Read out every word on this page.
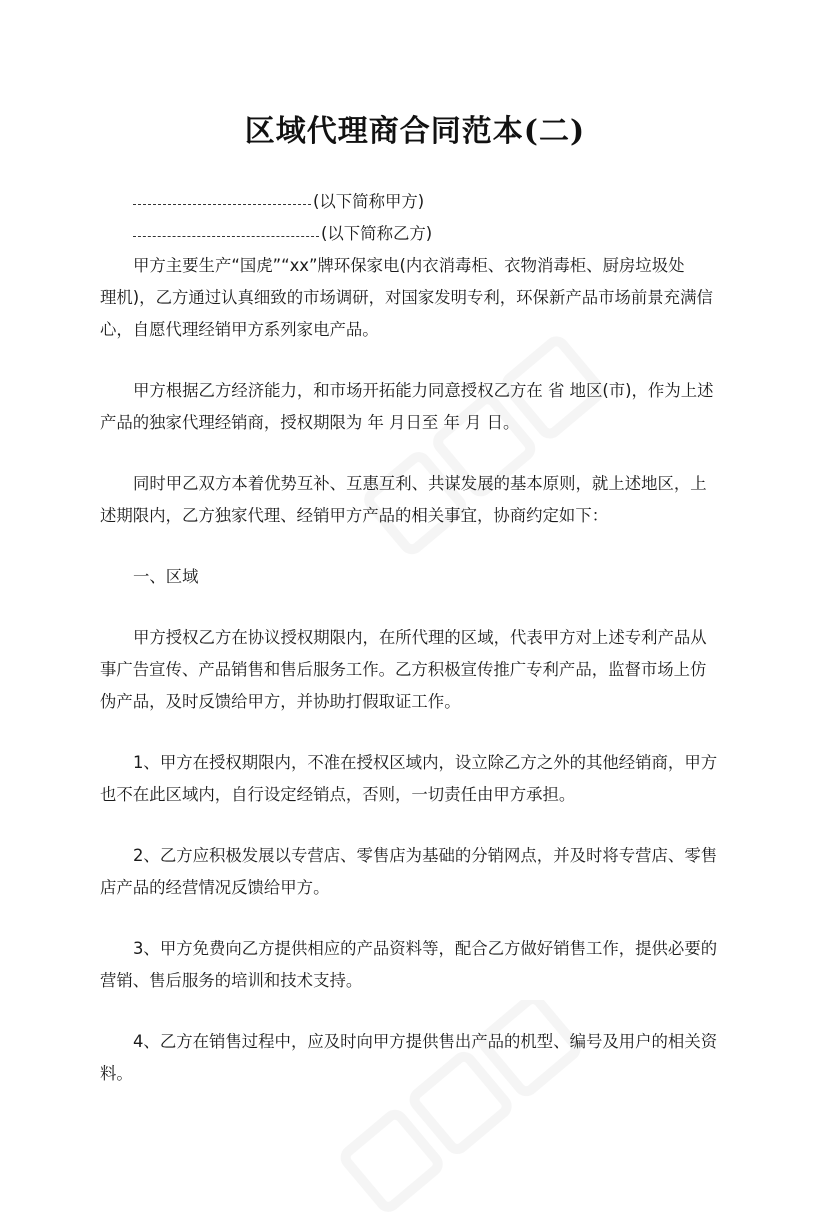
区域代理商合同范本(二)
(以下简称甲方)
(以下简称乙方)
甲方主要生产“国虎”“xx”牌环保家电(内衣消毒柜、衣物消毒柜、厨房垃圾处
理机)，乙方通过认真细致的市场调研，对国家发明专利，环保新产品市场前景充满信
心，自愿代理经销甲方系列家电产品。
甲方根据乙方经济能力，和市场开拓能力同意授权乙方在 省 地区(市)，作为上述
产品的独家代理经销商，授权期限为 年 月日至 年 月 日。
同时甲乙双方本着优势互补、互惠互利、共谋发展的基本原则，就上述地区，上
述期限内，乙方独家代理、经销甲方产品的相关事宜，协商约定如下：
一、区域
甲方授权乙方在协议授权期限内，在所代理的区域，代表甲方对上述专利产品从
事广告宣传、产品销售和售后服务工作。乙方积极宣传推广专利产品，监督市场上仿
伪产品，及时反馈给甲方，并协助打假取证工作。
1、甲方在授权期限内，不准在授权区域内，设立除乙方之外的其他经销商，甲方
也不在此区域内，自行设定经销点，否则，一切责任由甲方承担。
2、乙方应积极发展以专营店、零售店为基础的分销网点，并及时将专营店、零售
店产品的经营情况反馈给甲方。
3、甲方免费向乙方提供相应的产品资料等，配合乙方做好销售工作，提供必要的
营销、售后服务的培训和技术支持。
4、乙方在销售过程中，应及时向甲方提供售出产品的机型、编号及用户的相关资
料。
